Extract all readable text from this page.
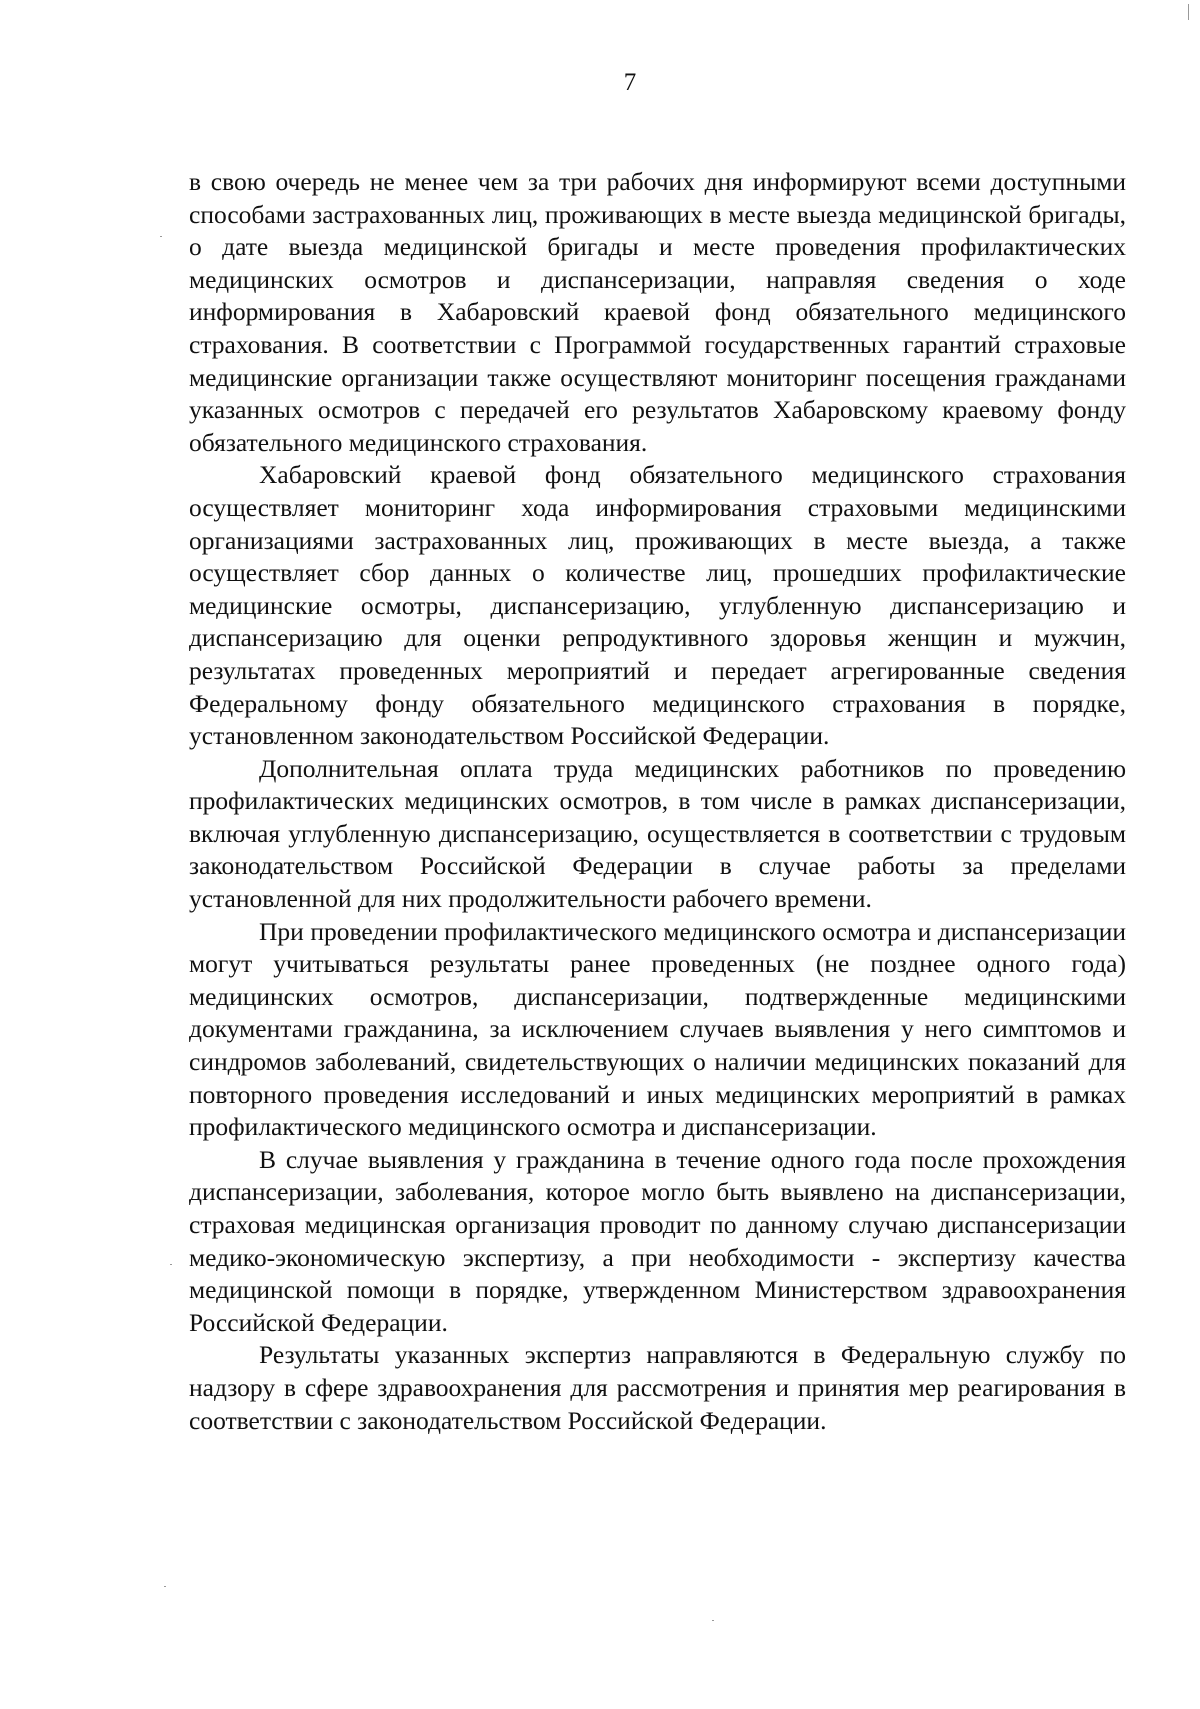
7

в свою очередь не менее чем за три рабочих дня информируют всеми доступными способами застрахованных лиц, проживающих в месте выезда медицинской бригады, о дате выезда медицинской бригады и месте проведения профилактических медицинских осмотров и диспансеризации, направляя сведения о ходе информирования в Хабаровский краевой фонд обязательного медицинского страхования. В соответствии с Программой государственных гарантий страховые медицинские организации также осуществляют мониторинг посещения гражданами указанных осмотров с передачей его результатов Хабаровскому краевому фонду обязательного медицинского страхования.

Хабаровский краевой фонд обязательного медицинского страхования осуществляет мониторинг хода информирования страховыми медицинскими организациями застрахованных лиц, проживающих в месте выезда, а также осуществляет сбор данных о количестве лиц, прошедших профилактические медицинские осмотры, диспансеризацию, углубленную диспансеризацию и диспансеризацию для оценки репродуктивного здоровья женщин и мужчин, результатах проведенных мероприятий и передает агрегированные сведения Федеральному фонду обязательного медицинского страхования в порядке, установленном законодательством Российской Федерации.

Дополнительная оплата труда медицинских работников по проведению профилактических медицинских осмотров, в том числе в рамках диспансеризации, включая углубленную диспансеризацию, осуществляется в соответствии с трудовым законодательством Российской Федерации в случае работы за пределами установленной для них продолжительности рабочего времени.

При проведении профилактического медицинского осмотра и диспансеризации могут учитываться результаты ранее проведенных (не позднее одного года) медицинских осмотров, диспансеризации, подтвержденные медицинскими документами гражданина, за исключением случаев выявления у него симптомов и синдромов заболеваний, свидетельствующих о наличии медицинских показаний для повторного проведения исследований и иных медицинских мероприятий в рамках профилактического медицинского осмотра и диспансеризации.

В случае выявления у гражданина в течение одного года после прохождения диспансеризации, заболевания, которое могло быть выявлено на диспансеризации, страховая медицинская организация проводит по данному случаю диспансеризации медико-экономическую экспертизу, а при необходимости - экспертизу качества медицинской помощи в порядке, утвержденном Министерством здравоохранения Российской Федерации.

Результаты указанных экспертиз направляются в Федеральную службу по надзору в сфере здравоохранения для рассмотрения и принятия мер реагирования в соответствии с законодательством Российской Федерации.
